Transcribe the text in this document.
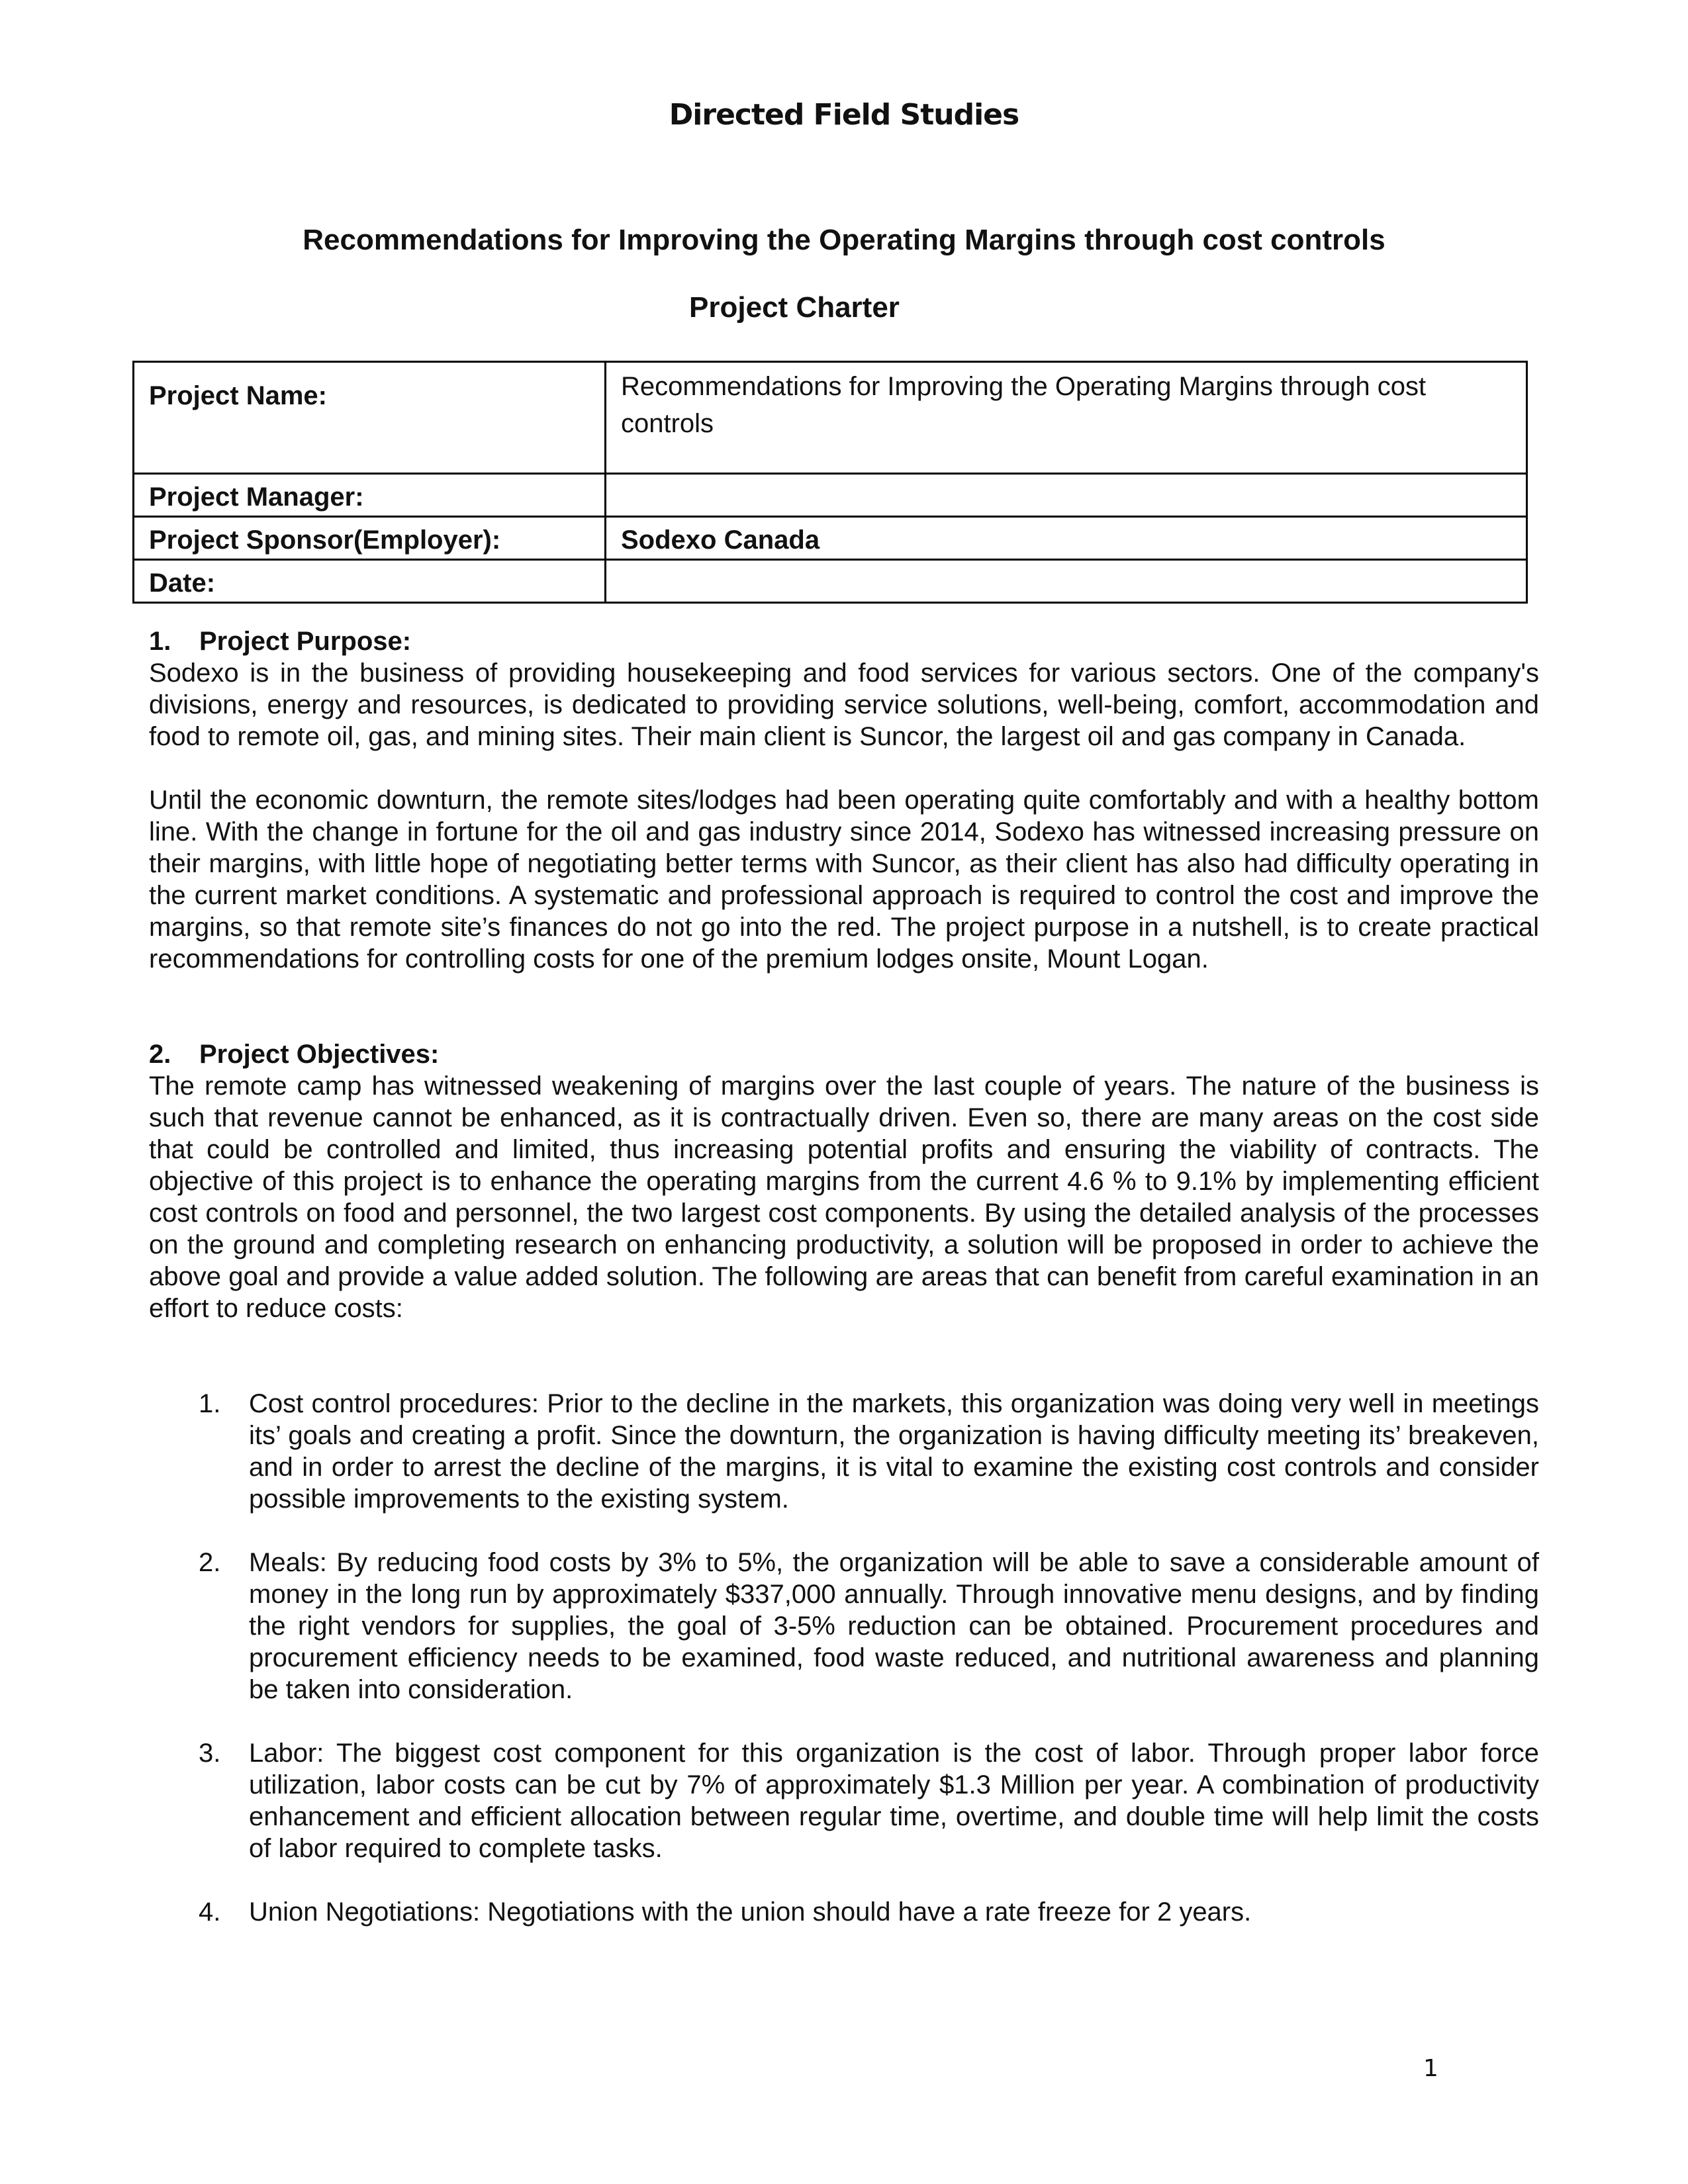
Directed Field Studies
Recommendations for Improving the Operating Margins through cost controls
Project Charter
Project Name:	Recommendations for Improving the Operating Margins through cost controls
Project Manager:	
Project Sponsor(Employer):	Sodexo Canada
Date:	
1. Project Purpose:

Sodexo is in the business of providing housekeeping and food services for various sectors. One of the company's divisions, energy and resources, is dedicated to providing service solutions, well-being, comfort, accommodation and food to remote oil, gas, and mining sites. Their main client is Suncor, the largest oil and gas company in Canada.

Until the economic downturn, the remote sites/lodges had been operating quite comfortably and with a healthy bottom line. With the change in fortune for the oil and gas industry since 2014, Sodexo has witnessed increasing pressure on their margins, with little hope of negotiating better terms with Suncor, as their client has also had difficulty operating in the current market conditions. A systematic and professional approach is required to control the cost and improve the margins, so that remote site’s finances do not go into the red. The project purpose in a nutshell, is to create practical recommendations for controlling costs for one of the premium lodges onsite, Mount Logan.

2. Project Objectives:

The remote camp has witnessed weakening of margins over the last couple of years. The nature of the business is such that revenue cannot be enhanced, as it is contractually driven. Even so, there are many areas on the cost side that could be controlled and limited, thus increasing potential profits and ensuring the viability of contracts. The objective of this project is to enhance the operating margins from the current 4.6 % to 9.1% by implementing efficient cost controls on food and personnel, the two largest cost components. By using the detailed analysis of the processes on the ground and completing research on enhancing productivity, a solution will be proposed in order to achieve the above goal and provide a value added solution. The following are areas that can benefit from careful examination in an effort to reduce costs:

1. Cost control procedures: Prior to the decline in the markets, this organization was doing very well in meetings its’ goals and creating a profit. Since the downturn, the organization is having difficulty meeting its’ breakeven, and in order to arrest the decline of the margins, it is vital to examine the existing cost controls and consider possible improvements to the existing system.
2. Meals: By reducing food costs by 3% to 5%, the organization will be able to save a considerable amount of money in the long run by approximately $337,000 annually. Through innovative menu designs, and by finding the right vendors for supplies, the goal of 3-5% reduction can be obtained. Procurement procedures and procurement efficiency needs to be examined, food waste reduced, and nutritional awareness and planning be taken into consideration.
3. Labor: The biggest cost component for this organization is the cost of labor. Through proper labor force utilization, labor costs can be cut by 7% of approximately $1.3 Million per year. A combination of productivity enhancement and efficient allocation between regular time, overtime, and double time will help limit the costs of labor required to complete tasks.
4. Union Negotiations: Negotiations with the union should have a rate freeze for 2 years.
1
